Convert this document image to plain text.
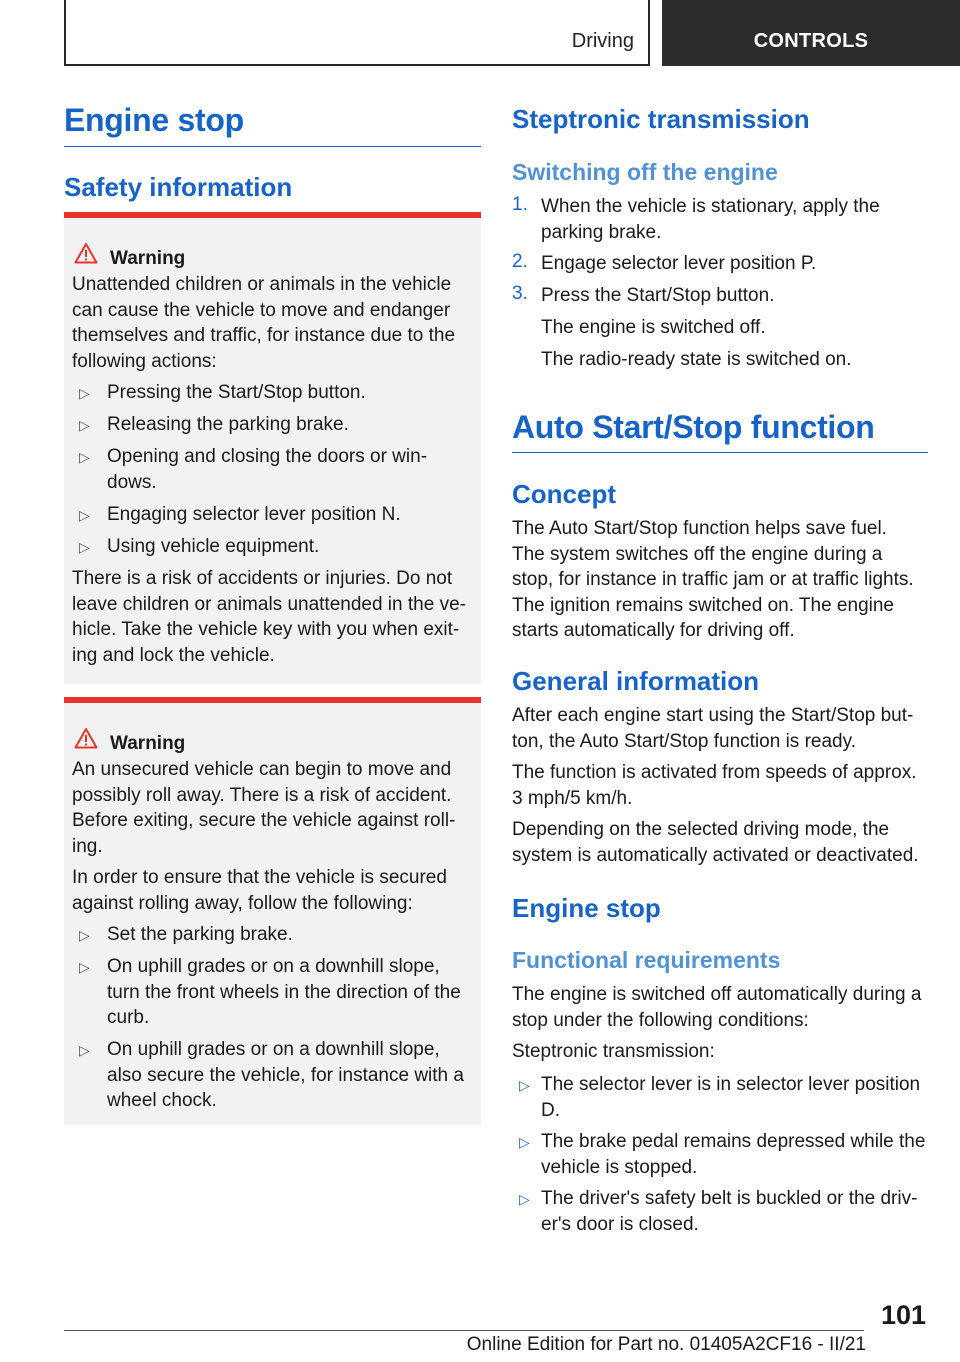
Driving	CONTROLS
Engine stop
Safety information
Warning
Unattended children or animals in the vehicle
can cause the vehicle to move and endanger
themselves and traffic, for instance due to the
following actions:
▷ Pressing the Start/Stop button.
▷ Releasing the parking brake.
▷ Opening and closing the doors or win-
dows.
▷ Engaging selector lever position N.
▷ Using vehicle equipment.
There is a risk of accidents or injuries. Do not
leave children or animals unattended in the ve-
hicle. Take the vehicle key with you when exit-
ing and lock the vehicle.
Warning
An unsecured vehicle can begin to move and
possibly roll away. There is a risk of accident.
Before exiting, secure the vehicle against roll-
ing.
In order to ensure that the vehicle is secured
against rolling away, follow the following:
▷ Set the parking brake.
▷ On uphill grades or on a downhill slope,
turn the front wheels in the direction of the
curb.
▷ On uphill grades or on a downhill slope,
also secure the vehicle, for instance with a
wheel chock.
Steptronic transmission
Switching off the engine
1. When the vehicle is stationary, apply the
parking brake.
2. Engage selector lever position P.
3. Press the Start/Stop button.
The engine is switched off.
The radio-ready state is switched on.
Auto Start/Stop function
Concept
The Auto Start/Stop function helps save fuel.
The system switches off the engine during a
stop, for instance in traffic jam or at traffic lights.
The ignition remains switched on. The engine
starts automatically for driving off.
General information
After each engine start using the Start/Stop but-
ton, the Auto Start/Stop function is ready.
The function is activated from speeds of approx.
3 mph/5 km/h.
Depending on the selected driving mode, the
system is automatically activated or deactivated.
Engine stop
Functional requirements
The engine is switched off automatically during a
stop under the following conditions:
Steptronic transmission:
▷ The selector lever is in selector lever position
D.
▷ The brake pedal remains depressed while the
vehicle is stopped.
▷ The driver's safety belt is buckled or the driv-
er's door is closed.
101
Online Edition for Part no. 01405A2CF16 - II/21
